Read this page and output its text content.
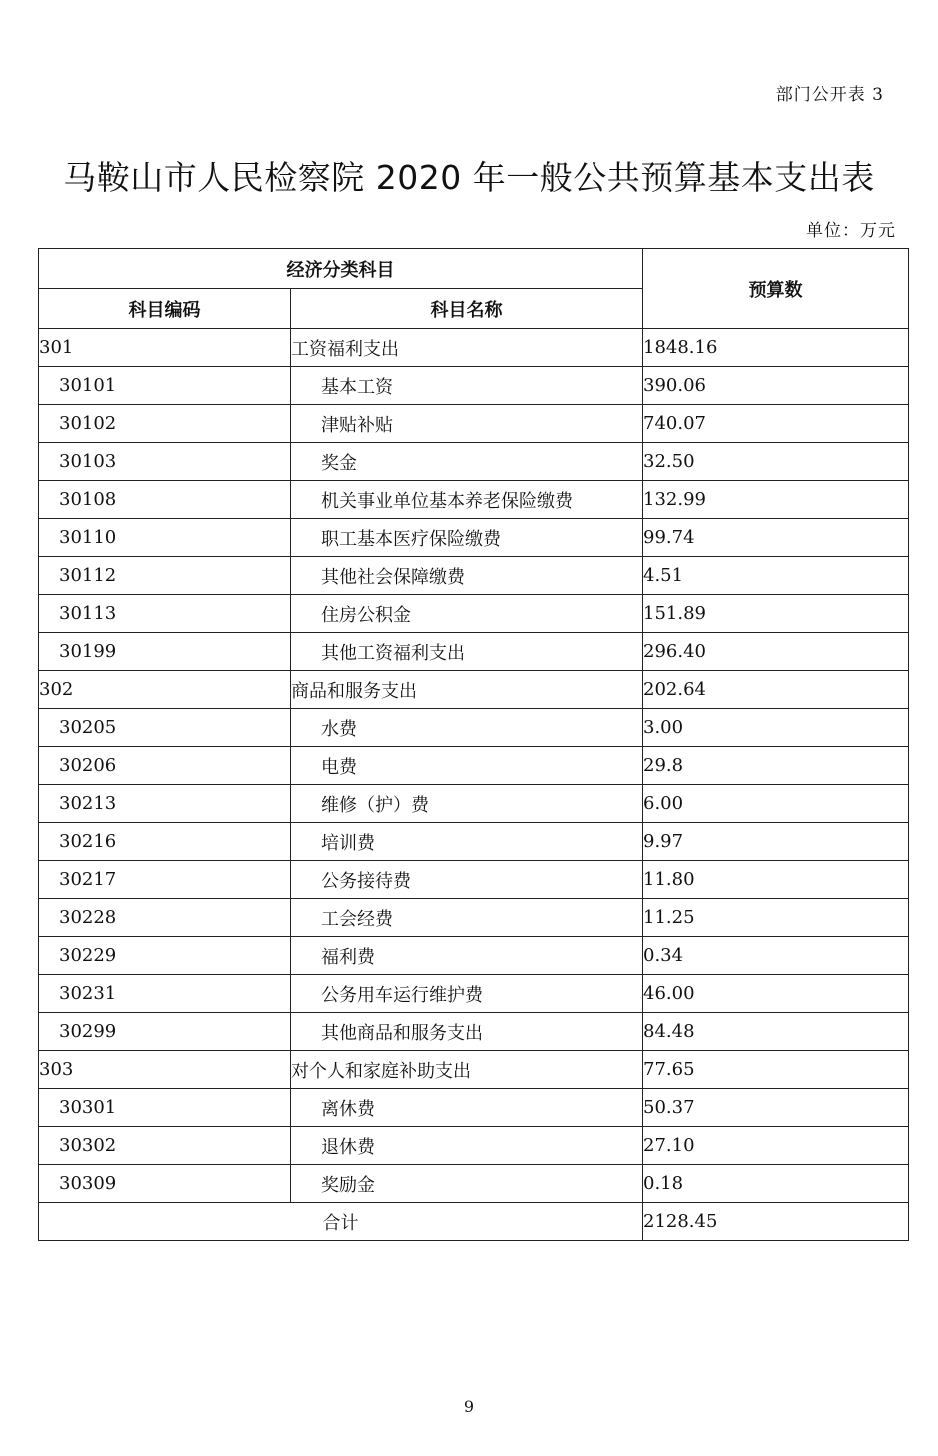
部门公开表 3
马鞍山市人民检察院 2020 年一般公共预算基本支出表
单位：万元
经济分类科目		预算数
科目编码	科目名称	
301	工资福利支出	1848.16
30101	基本工资	390.06
30102	津贴补贴	740.07
30103	奖金	32.50
30108	机关事业单位基本养老保险缴费	132.99
30110	职工基本医疗保险缴费	99.74
30112	其他社会保障缴费	4.51
30113	住房公积金	151.89
30199	其他工资福利支出	296.40
302	商品和服务支出	202.64
30205	水费	3.00
30206	电费	29.8
30213	维修（护）费	6.00
30216	培训费	9.97
30217	公务接待费	11.80
30228	工会经费	11.25
30229	福利费	0.34
30231	公务用车运行维护费	46.00
30299	其他商品和服务支出	84.48
303	对个人和家庭补助支出	77.65
30301	离休费	50.37
30302	退休费	27.10
30309	奖励金	0.18
合计		2128.45
9
